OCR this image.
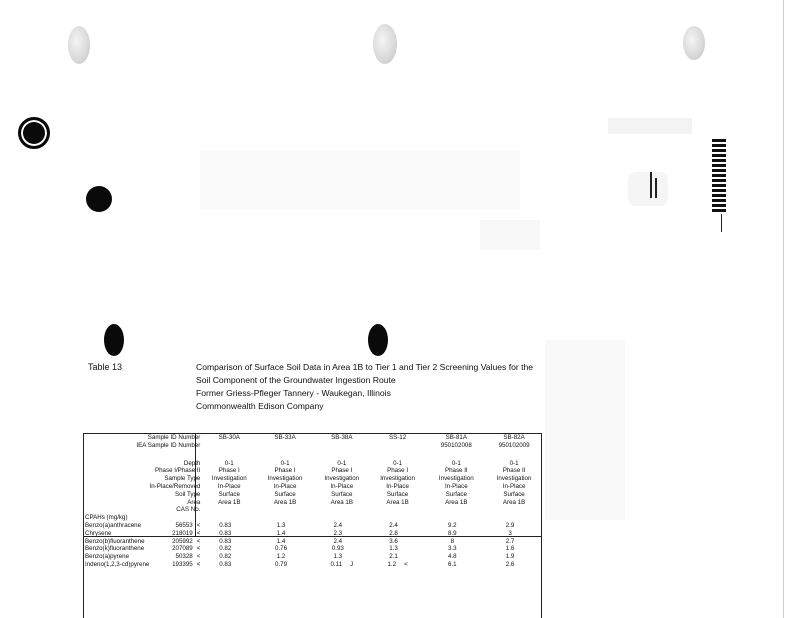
Table 13	Comparison of Surface Soil Data in Area 1B to Tier 1 and Tier 2 Screening Values for the
Soil Component of the Groundwater Ingestion Route
Former Griess-Pfleger Tannery - Waukegan, Illinois
Commonwealth Edison Company
Sample ID Number			SB-30A	SB-33A	SB-38A	SS-12	SB-81A	SB-82A
IEA Sample ID Number							950102008	950102009

Depth			0-1	0-1	0-1	0-1	0-1	0-1
Phase I/Phase II			Phase I	Phase I	Phase I	Phase I	Phase II	Phase II
Sample Type			Investigation	Investigation	Investigation	Investigation	Investigation	Investigation
In-Place/Removed			In-Place	In-Place	In-Place	In-Place	In-Place	In-Place
Soil Type			Surface	Surface	Surface	Surface	Surface	Surface
Area			Area 1B	Area 1B	Area 1B	Area 1B	Area 1B	Area 1B
CAS No.								
CPAHs (mg/kg)								
Benzo(a)anthracene	56553	<	0.83	1.3	2.4	2.4	9.2	2.9
Chrysene	218019	<	0.83	1.4	2.3	2.8	8.9	3
Benzo(b)fluoranthene	205992	<	0.83	1.4	2.4	3.6	8	2.7
Benzo(k)fluoranthene	207089	<	0.82	0.76	0.93	1.3	3.3	1.6
Benzo(a)pyrene	50328	<	0.82	1.2	1.3	2.1	4.8	1.9
Indeno(1,2,3-cd)pyrene	193395	<	0.83	0.79	0.11 J	1.2 <	6.1	2.6
